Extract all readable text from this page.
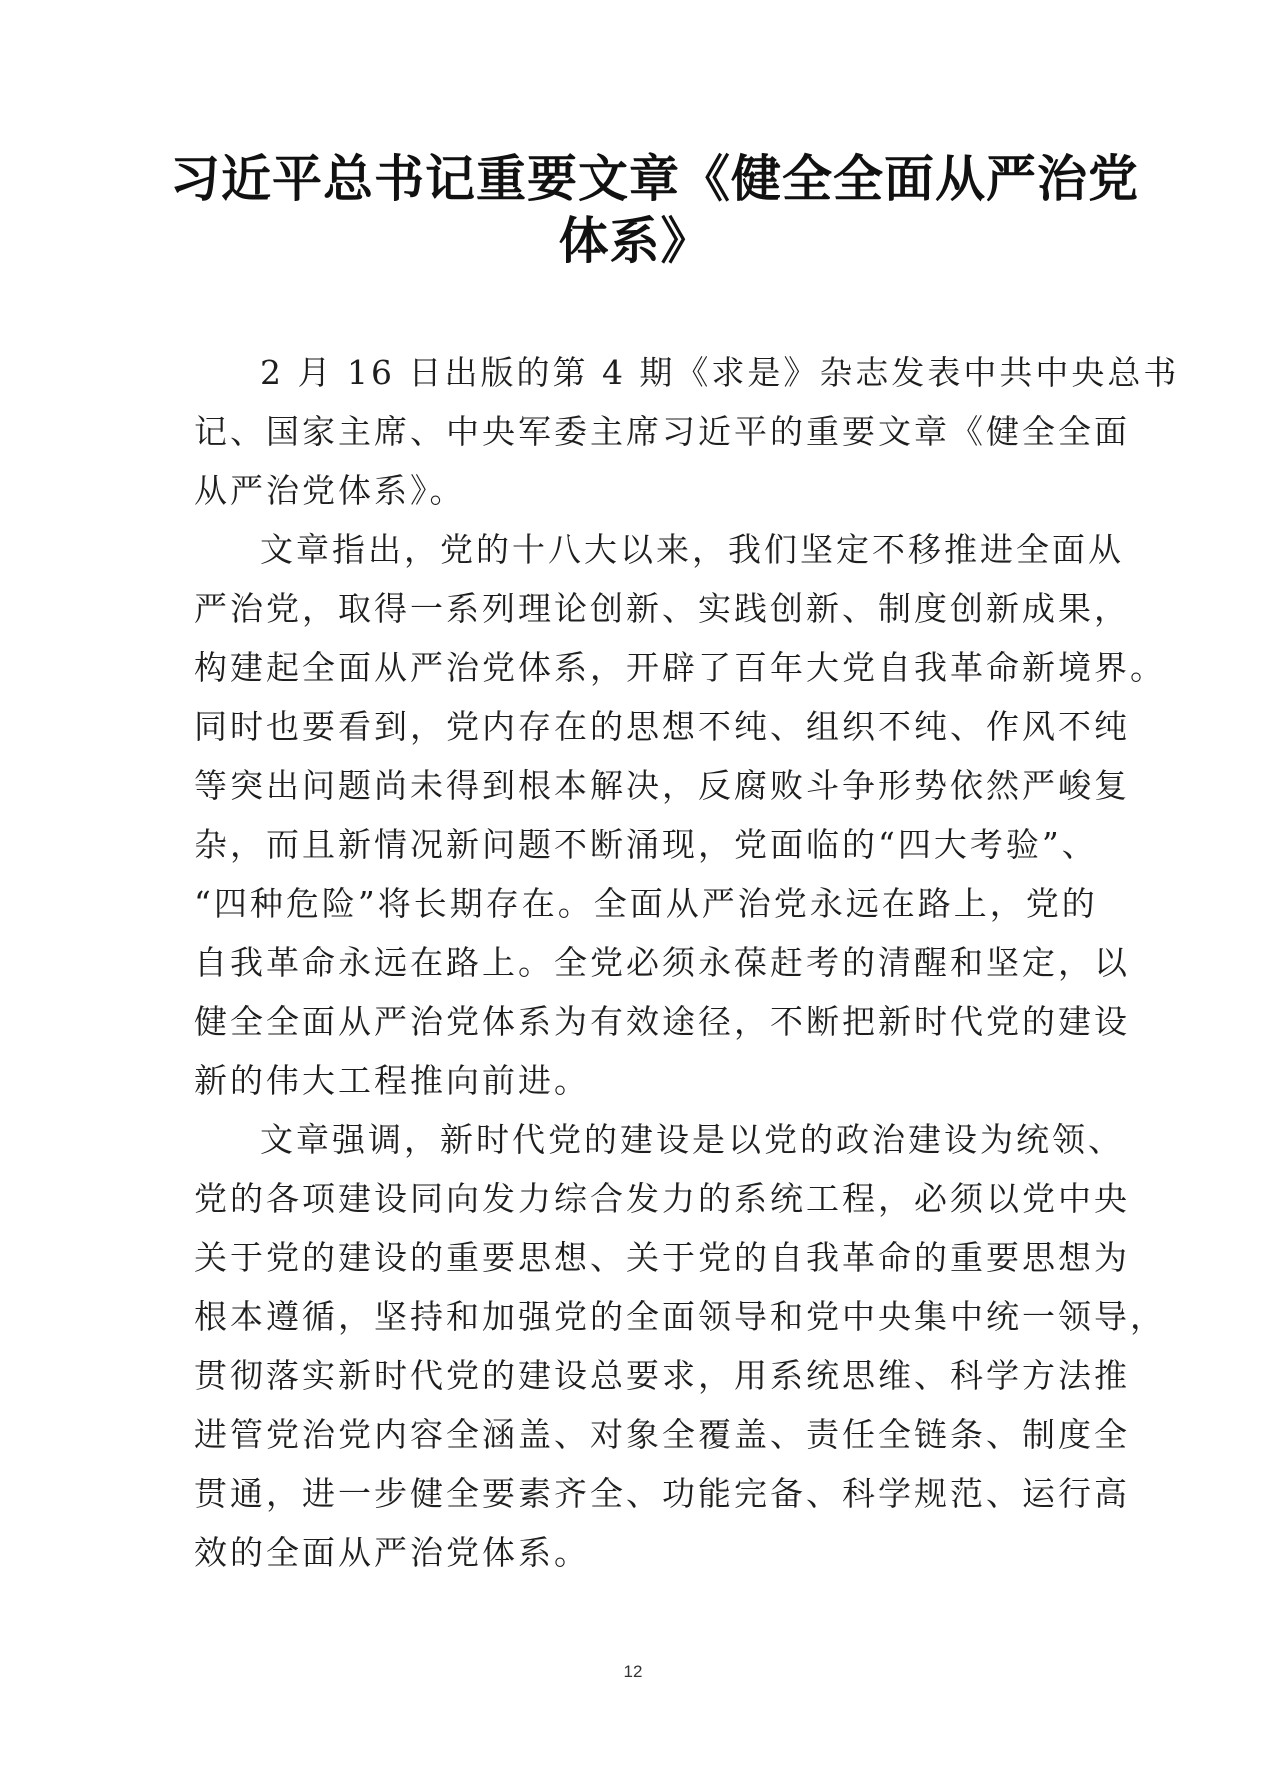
习近平总书记重要文章《健全全面从严治党
体系》
2 月 16 日出版的第 4 期《求是》杂志发表中共中央总书
记、国家主席、中央军委主席习近平的重要文章《健全全面
从严治党体系》。
文章指出，党的十八大以来，我们坚定不移推进全面从
严治党，取得一系列理论创新、实践创新、制度创新成果，
构建起全面从严治党体系，开辟了百年大党自我革命新境界。
同时也要看到，党内存在的思想不纯、组织不纯、作风不纯
等突出问题尚未得到根本解决，反腐败斗争形势依然严峻复
杂，而且新情况新问题不断涌现，党面临的“四大考验”、
“四种危险”将长期存在。全面从严治党永远在路上，党的
自我革命永远在路上。全党必须永葆赶考的清醒和坚定，以
健全全面从严治党体系为有效途径，不断把新时代党的建设
新的伟大工程推向前进。
文章强调，新时代党的建设是以党的政治建设为统领、
党的各项建设同向发力综合发力的系统工程，必须以党中央
关于党的建设的重要思想、关于党的自我革命的重要思想为
根本遵循，坚持和加强党的全面领导和党中央集中统一领导，
贯彻落实新时代党的建设总要求，用系统思维、科学方法推
进管党治党内容全涵盖、对象全覆盖、责任全链条、制度全
贯通，进一步健全要素齐全、功能完备、科学规范、运行高
效的全面从严治党体系。
12
